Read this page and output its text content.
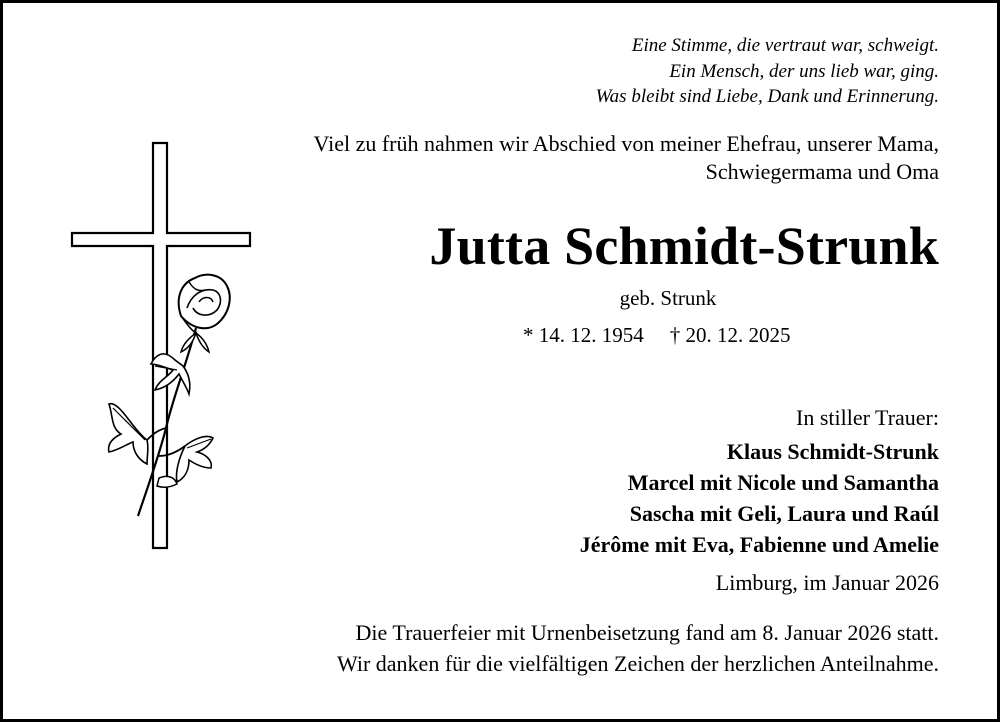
Eine Stimme, die vertraut war, schweigt.
Ein Mensch, der uns lieb war, ging.
Was bleibt sind Liebe, Dank und Erinnerung.
Viel zu früh nahmen wir Abschied von meiner Ehefrau, unserer Mama,
Schwiegermama und Oma
Jutta Schmidt-Strunk
geb. Strunk
* 14. 12. 1954 † 20. 12. 2025
In stiller Trauer:
Klaus Schmidt-Strunk
Marcel mit Nicole und Samantha
Sascha mit Geli, Laura und Raúl
Jérôme mit Eva, Fabienne und Amelie
Limburg, im Januar 2026
Die Trauerfeier mit Urnenbeisetzung fand am 8. Januar 2026 statt.
Wir danken für die vielfältigen Zeichen der herzlichen Anteilnahme.
